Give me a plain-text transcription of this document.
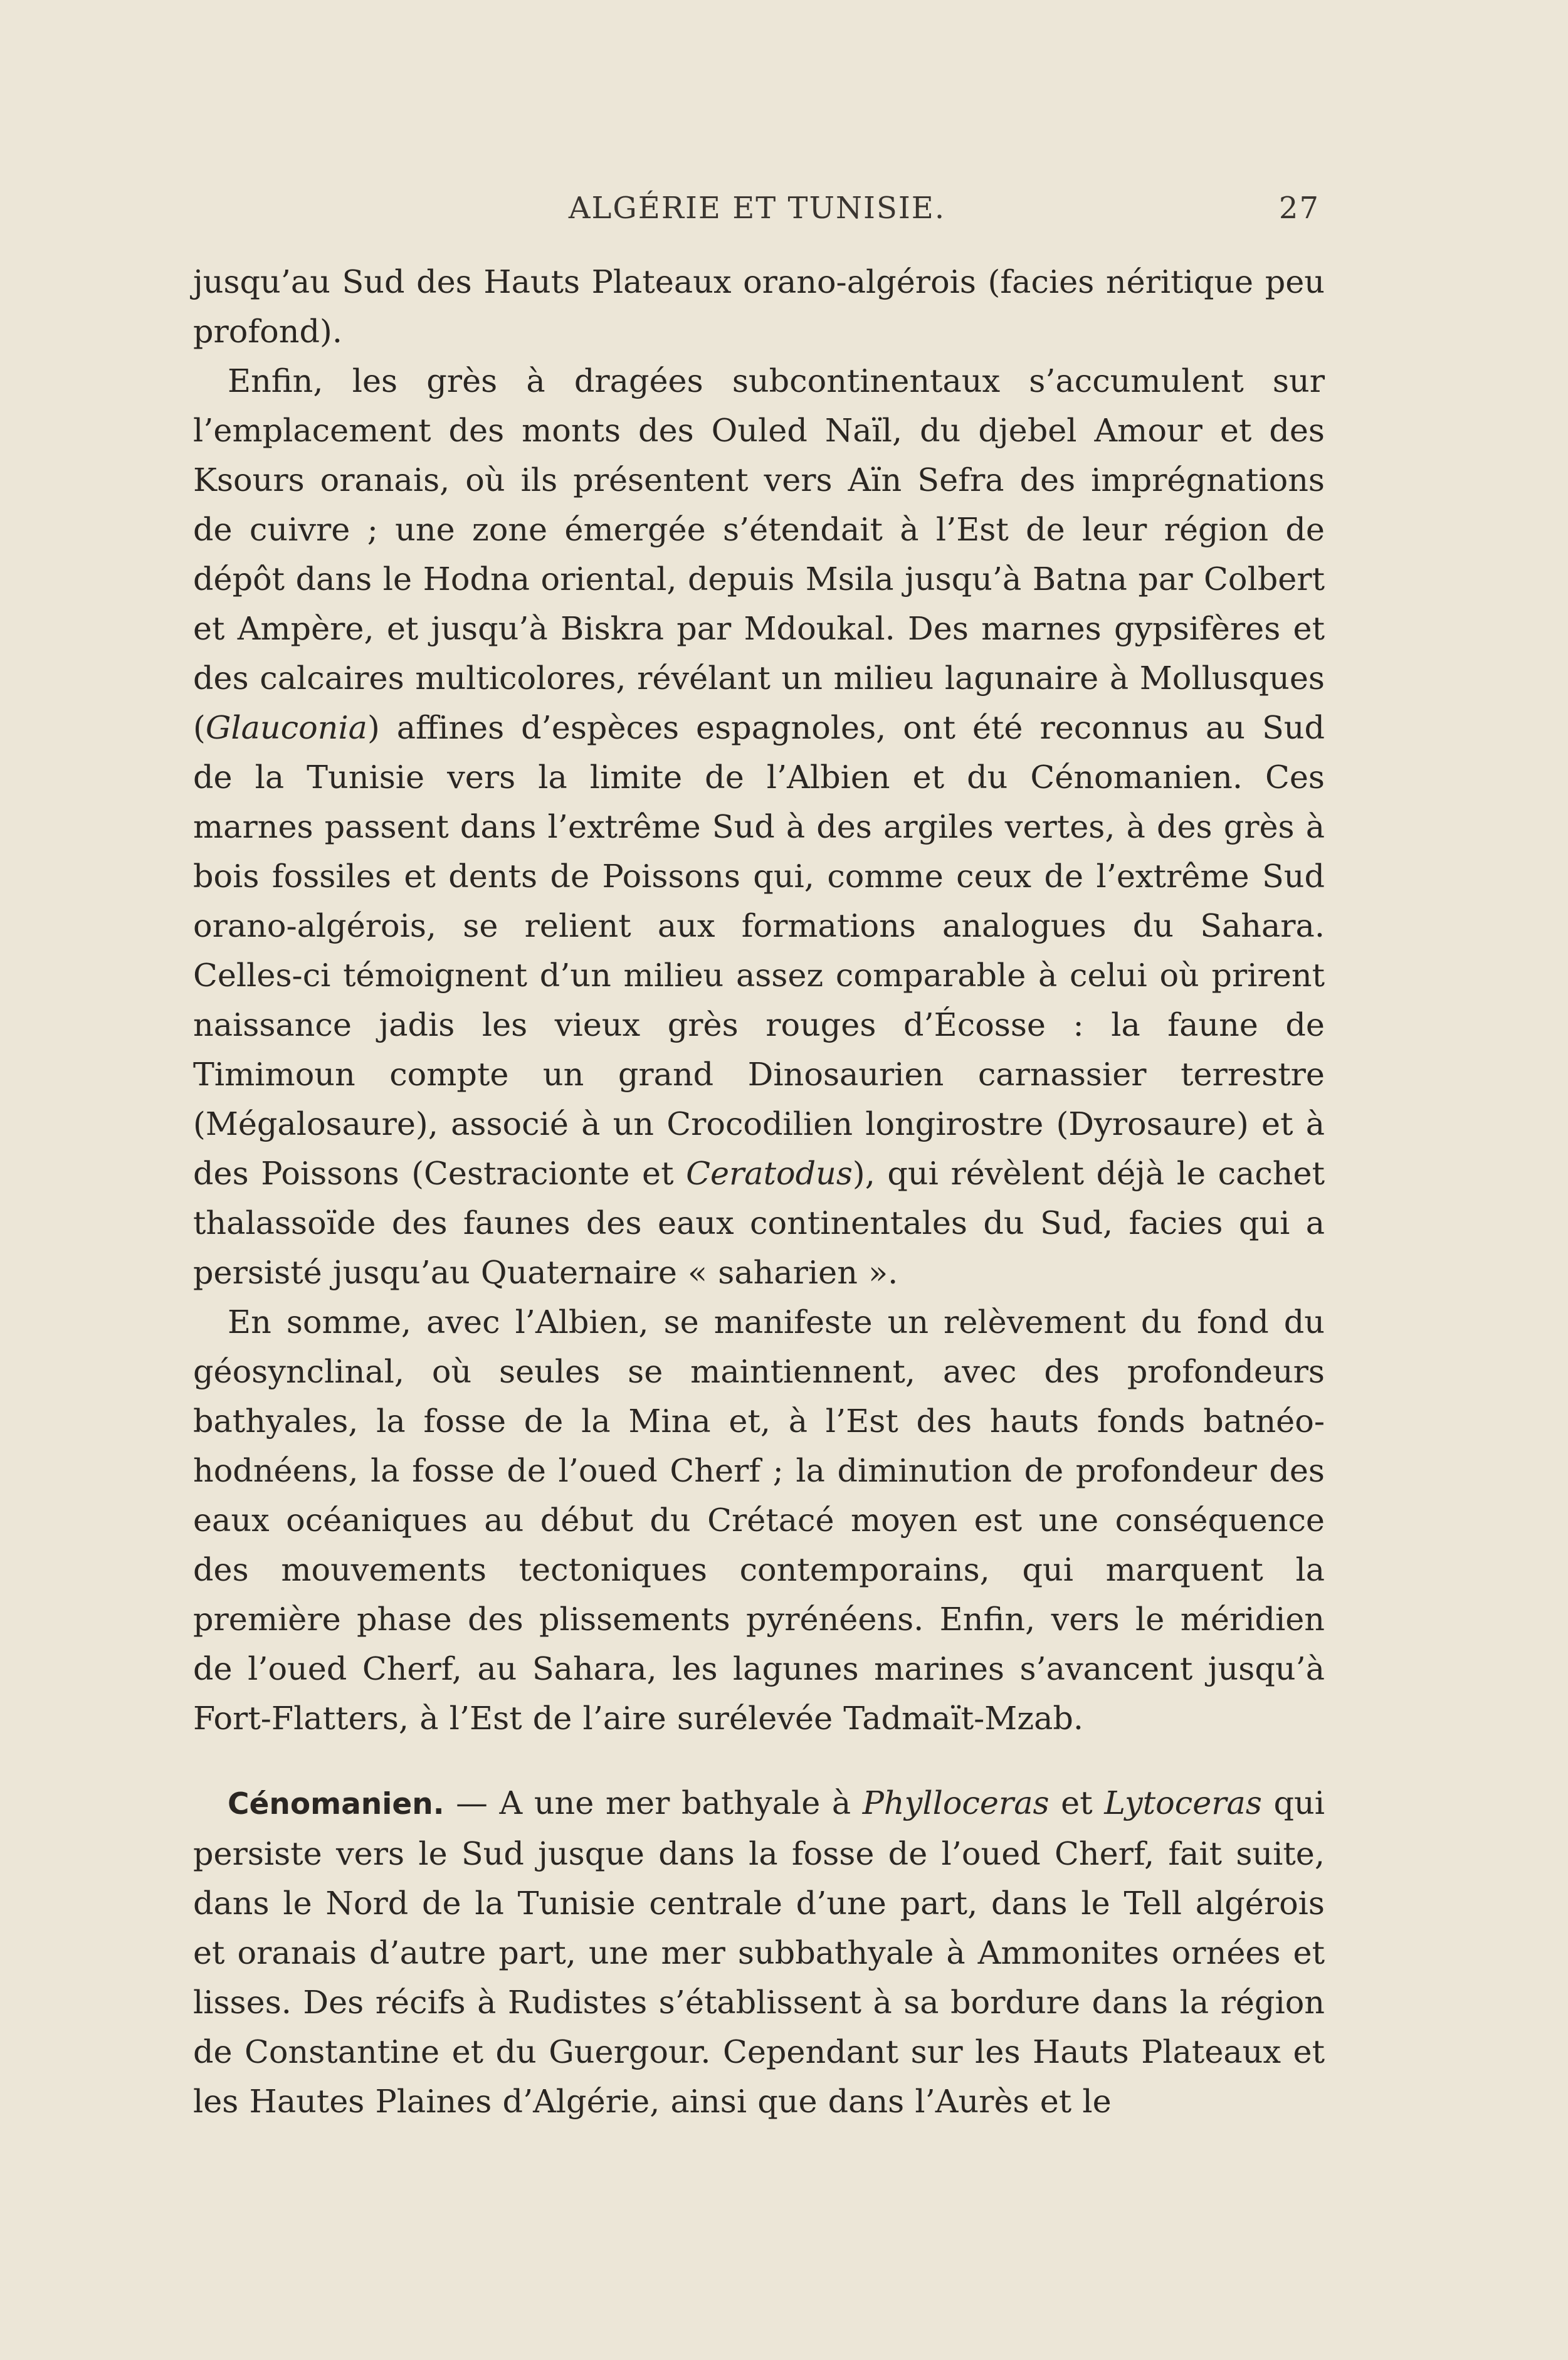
ALGÉRIE ET TUNISIE.	27

jusqu’au Sud des Hauts Plateaux orano-algérois (facies néritique peu profond).

Enfin, les grès à dragées subcontinentaux s’accumulent sur l’emplacement des monts des Ouled Naïl, du djebel Amour et des Ksours oranais, où ils présentent vers Aïn Sefra des imprégnations de cuivre ; une zone émergée s’étendait à l’Est de leur région de dépôt dans le Hodna oriental, depuis Msila jusqu’à Batna par Colbert et Ampère, et jusqu’à Biskra par Mdoukal. Des marnes gypsifères et des calcaires multicolores, révélant un milieu lagunaire à Mollusques (Glauconia) affines d’espèces espagnoles, ont été reconnus au Sud de la Tunisie vers la limite de l’Albien et du Cénomanien. Ces marnes passent dans l’extrême Sud à des argiles vertes, à des grès à bois fossiles et dents de Poissons qui, comme ceux de l’extrême Sud orano-algérois, se relient aux formations analogues du Sahara. Celles-ci témoignent d’un milieu assez comparable à celui où prirent naissance jadis les vieux grès rouges d’Écosse : la faune de Timimoun compte un grand Dinosaurien carnassier terrestre (Mégalosaure), associé à un Crocodilien longirostre (Dyrosaure) et à des Poissons (Cestracionte et Ceratodus), qui révèlent déjà le cachet thalassoïde des faunes des eaux continentales du Sud, facies qui a persisté jusqu’au Quaternaire « saharien ».

En somme, avec l’Albien, se manifeste un relèvement du fond du géosynclinal, où seules se maintiennent, avec des profondeurs bathyales, la fosse de la Mina et, à l’Est des hauts fonds batnéo-hodnéens, la fosse de l’oued Cherf ; la diminution de profondeur des eaux océaniques au début du Crétacé moyen est une conséquence des mouvements tectoniques contemporains, qui marquent la première phase des plissements pyrénéens. Enfin, vers le méridien de l’oued Cherf, au Sahara, les lagunes marines s’avancent jusqu’à Fort-Flatters, à l’Est de l’aire surélevée Tadmaït-Mzab.

Cénomanien. — A une mer bathyale à Phylloceras et Lytoceras qui persiste vers le Sud jusque dans la fosse de l’oued Cherf, fait suite, dans le Nord de la Tunisie centrale d’une part, dans le Tell algérois et oranais d’autre part, une mer subbathyale à Ammonites ornées et lisses. Des récifs à Rudistes s’établissent à sa bordure dans la région de Constantine et du Guergour. Cependant sur les Hauts Plateaux et les Hautes Plaines d’Algérie, ainsi que dans l’Aurès et le
